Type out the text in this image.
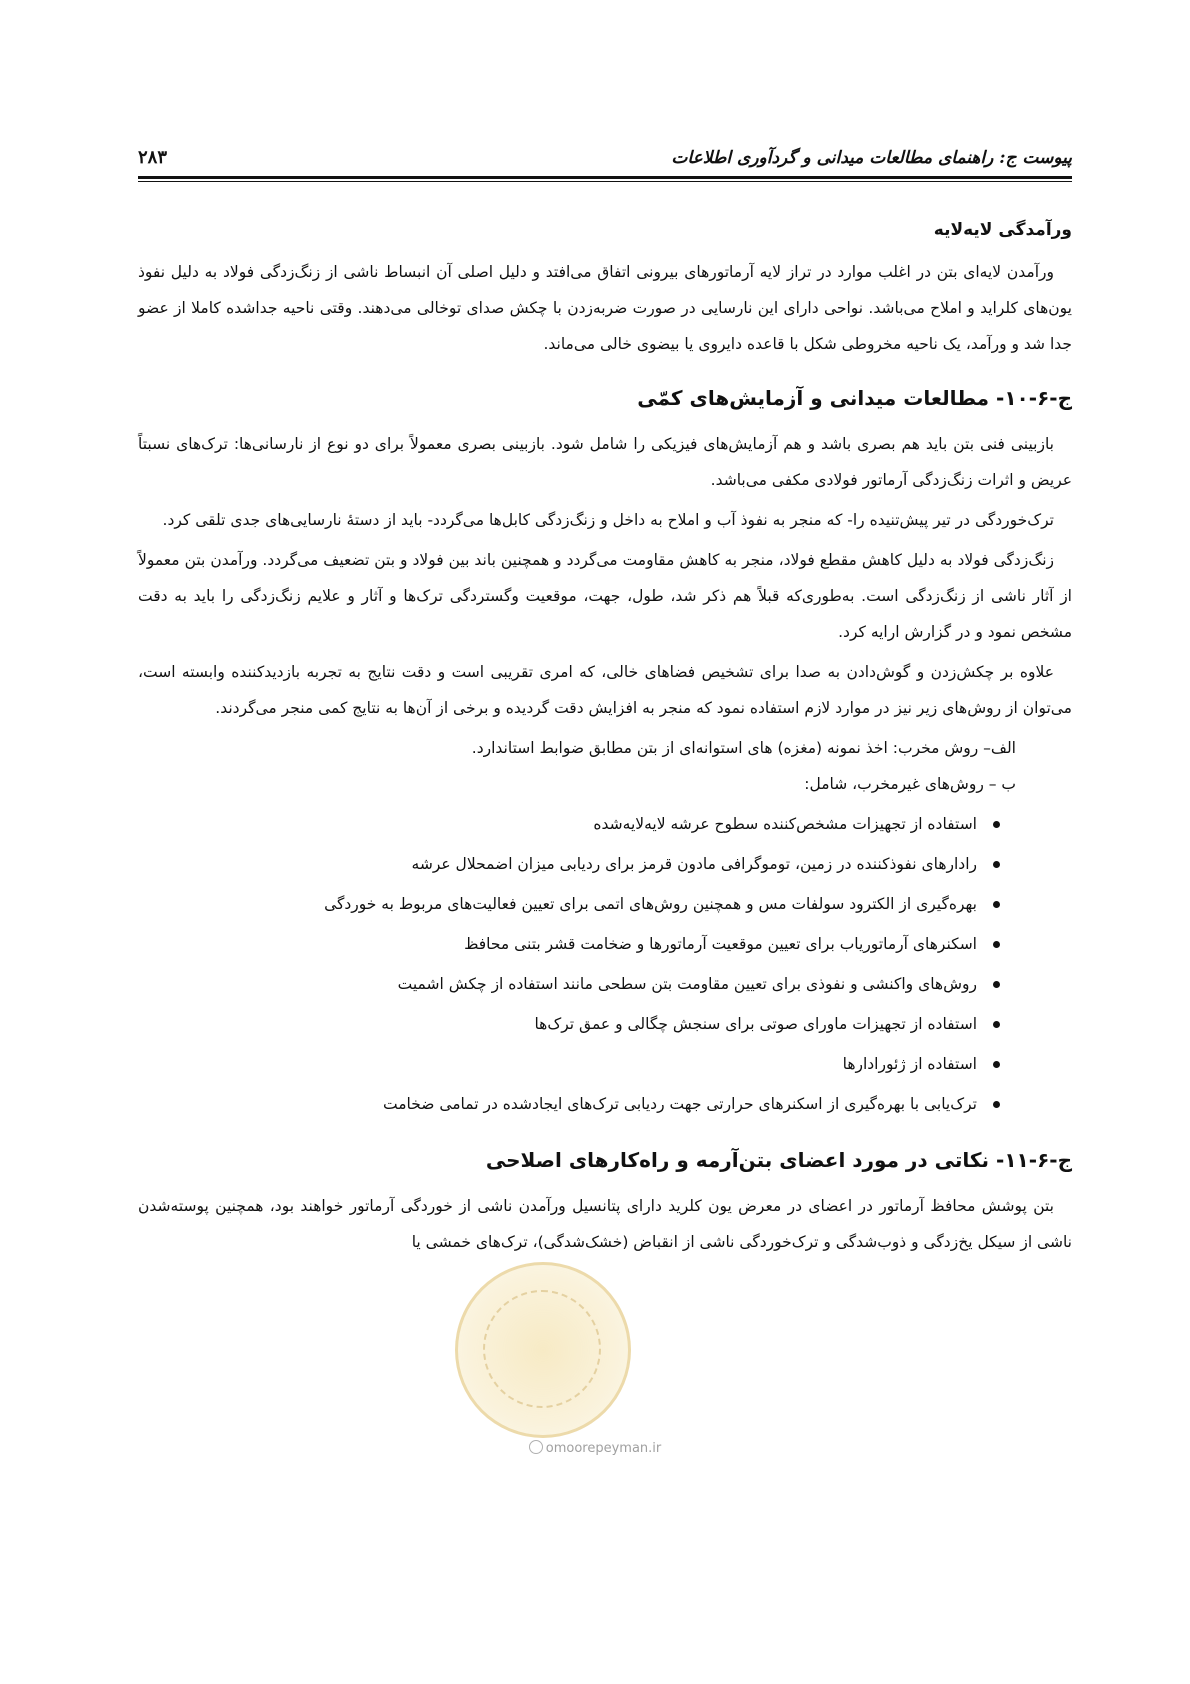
پیوست ج: راهنمای مطالعات میدانی و گردآوری اطلاعات
۲۸۳
ورآمدگی لایه‌لایه

ورآمدن لایه‌ای بتن در اغلب موارد در تراز لایه آرماتورهای بیرونی اتفاق می‌افتد و دلیل اصلی آن انبساط ناشی از زنگ‌زدگی فولاد به دلیل نفوذ یون‌های کلراید و املاح می‌باشد. نواحی دارای این نارسایی در صورت ضربه‌زدن با چکش صدای توخالی می‌دهند. وقتی ناحیه جداشده کاملا از عضو جدا شد و ورآمد، یک ناحیه مخروطی شکل با قاعده دایروی یا بیضوی خالی می‌ماند.

ج-۶-۱۰- مطالعات میدانی و آزمایش‌های کمّی

بازبینی فنی بتن باید هم بصری باشد و هم آزمایش‌های فیزیکی را شامل شود. بازبینی بصری معمولاً برای دو نوع از نارسانی‌ها: ترک‌های نسبتاً عریض و اثرات زنگ‌زدگی آرماتور فولادی مکفی می‌باشد.

ترک‌خوردگی در تیر پیش‌تنیده را- که منجر به نفوذ آب و املاح به داخل و زنگ‌زدگی کابل‌ها می‌گردد- باید از دستهٔ نارسایی‌های جدی تلقی کرد.

زنگ‌زدگی فولاد به دلیل کاهش مقطع فولاد، منجر به کاهش مقاومت می‌گردد و همچنین باند بین فولاد و بتن تضعیف می‌گردد. ورآمدن بتن معمولاً از آثار ناشی از زنگ‌زدگی است. به‌طوری‌که قبلاً هم ذکر شد، طول، جهت، موقعیت وگستردگی ترک‌ها و آثار و علایم زنگ‌زدگی را باید به دقت مشخص نمود و در گزارش ارایه کرد.

علاوه بر چکش‌زدن و گوش‌دادن به صدا برای تشخیص فضاهای خالی، که امری تقریبی است و دقت نتایج به تجربه بازدیدکننده وابسته است، می‌توان از روش‌های زیر نیز در موارد لازم استفاده نمود که منجر به افزایش دقت گردیده و برخی از آن‌ها به نتایج کمی منجر می‌گردند.

الف– روش مخرب: اخذ نمونه (مغزه) های استوانه‌ای از بتن مطابق ضوابط استاندارد.
ب – روش‌های غیرمخرب، شامل:
استفاده از تجهیزات مشخص‌کننده سطوح عرشه لایه‌لایه‌شده
رادارهای نفوذکننده در زمین، توموگرافی مادون قرمز برای ردیابی میزان اضمحلال عرشه
بهره‌گیری از الکترود سولفات مس و همچنین روش‌های اتمی برای تعیین فعالیت‌های مربوط به خوردگی
اسکنرهای آرماتوریاب برای تعیین موقعیت آرماتورها و ضخامت قشر بتنی محافظ
روش‌های واکنشی و نفوذی برای تعیین مقاومت بتن سطحی مانند استفاده از چکش اشمیت
استفاده از تجهیزات ماورای صوتی برای سنجش چگالی و عمق ترک‌ها
استفاده از ژئورادارها
ترک‌یابی با بهره‌گیری از اسکنرهای حرارتی جهت ردیابی ترک‌های ایجادشده در تمامی ضخامت
ج-۶-۱۱- نکاتی در مورد اعضای بتن‌آرمه و راه‌کارهای اصلاحی

بتن پوشش محافظ آرماتور در اعضای در معرض یون کلرید دارای پتانسیل ورآمدن ناشی از خوردگی آرماتور خواهند بود، همچنین پوسته‌شدن ناشی از سیکل یخ‌زدگی و ذوب‌شدگی و ترک‌خوردگی ناشی از انقباض (خشک‌شدگی)، ترک‌های خمشی یا

omoorepeyman.ir
